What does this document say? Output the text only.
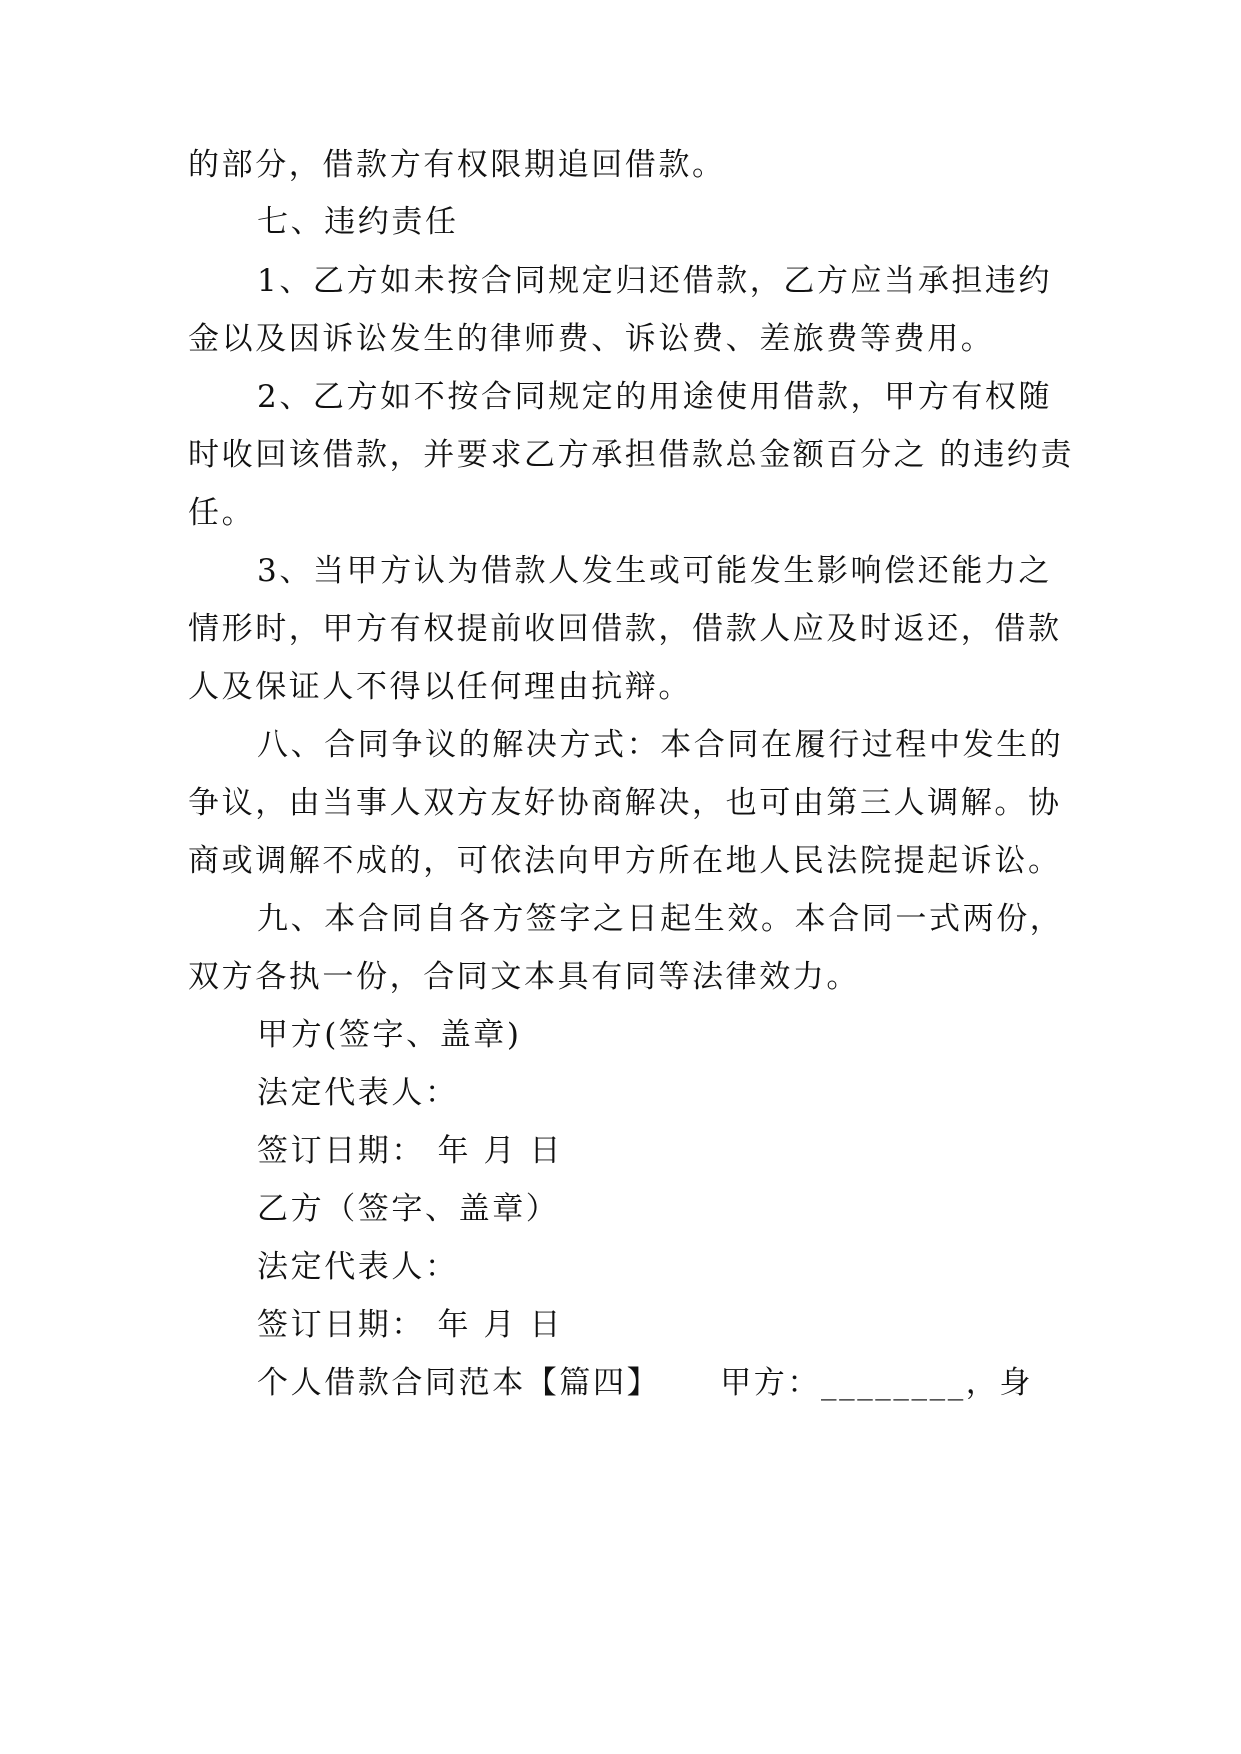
的部分，借款方有权限期追回借款。
七、违约责任
1、乙方如未按合同规定归还借款，乙方应当承担违约
金以及因诉讼发生的律师费、诉讼费、差旅费等费用。
2、乙方如不按合同规定的用途使用借款，甲方有权随
时收回该借款，并要求乙方承担借款总金额百分之 的违约责
任。
3、当甲方认为借款人发生或可能发生影响偿还能力之
情形时，甲方有权提前收回借款，借款人应及时返还，借款
人及保证人不得以任何理由抗辩。
八、合同争议的解决方式：本合同在履行过程中发生的
争议，由当事人双方友好协商解决，也可由第三人调解。协
商或调解不成的，可依法向甲方所在地人民法院提起诉讼。
九、本合同自各方签字之日起生效。本合同一式两份，
双方各执一份，合同文本具有同等法律效力。
甲方(签字、盖章)
法定代表人：
签订日期： 年 月 日
乙方（签字、盖章）
法定代表人：
签订日期： 年 月 日
个人借款合同范本【篇四】 甲方：________，身
